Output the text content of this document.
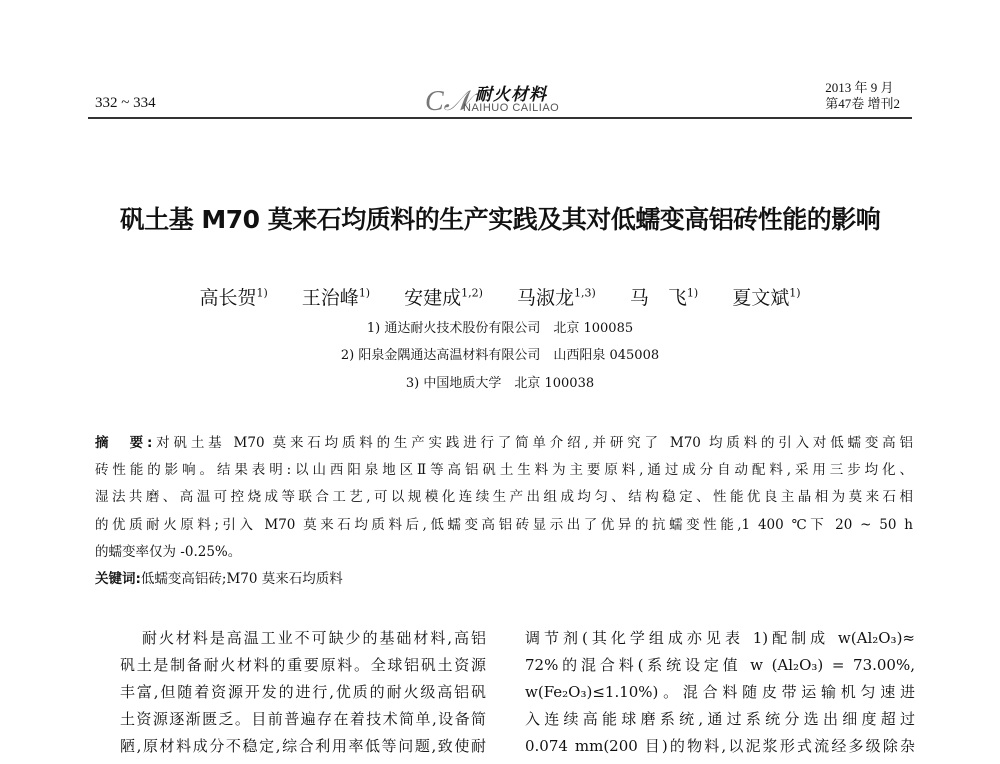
332 ~ 334	C𝒩 耐火材料
NAIHUO CAILIAO
2013 年 9 月
第47卷 增刊2
矾土基 M70 莫来石均质料的生产实践及其对低蠕变高铝砖性能的影响
高长贺$^{1)}$ 王治峰$^{1)}$ 安建成$^{1,2)}$ 马淑龙$^{1,3)}$ 马　飞$^{1)}$ 夏文斌$^{1)}$
1) 通达耐火技术股份有限公司　北京 100085
2) 阳泉金隅通达高温材料有限公司　山西阳泉 045008
3) 中国地质大学　北京 100038
摘　要:对矾土基 M70 莫来石均质料的生产实践进行了简单介绍,并研究了 M70 均质料的引入对低蠕变高铝
砖性能的影响。结果表明:以山西阳泉地区Ⅱ等高铝矾土生料为主要原料,通过成分自动配料,采用三步均化、
湿法共磨、高温可控烧成等联合工艺,可以规模化连续生产出组成均匀、结构稳定、性能优良主晶相为莫来石相
的优质耐火原料;引入 M70 莫来石均质料后,低蠕变高铝砖显示出了优异的抗蠕变性能,1 400 ℃下 20 ~ 50 h
的蠕变率仅为 -0.25%。
关键词:低蠕变高铝砖;M70 莫来石均质料
耐火材料是高温工业不可缺少的基础材料,高铝
矾土是制备耐火材料的重要原料。全球铝矾土资源
丰富,但随着资源开发的进行,优质的耐火级高铝矾
土资源逐渐匮乏。目前普遍存在着技术简单,设备简
陋,原材料成分不稳定,综合利用率低等问题,致使耐
调节剂(其化学组成亦见表 1)配制成 w(Al₂O₃)≈
72%的混合料(系统设定值 w (Al₂O₃) = 73.00%,
w(Fe₂O₃)≤1.10%)。混合料随皮带运输机匀速进
入连续高能球磨系统,通过系统分选出细度超过
0.074 mm(200 目)的物料,以泥浆形式流经多级除杂
